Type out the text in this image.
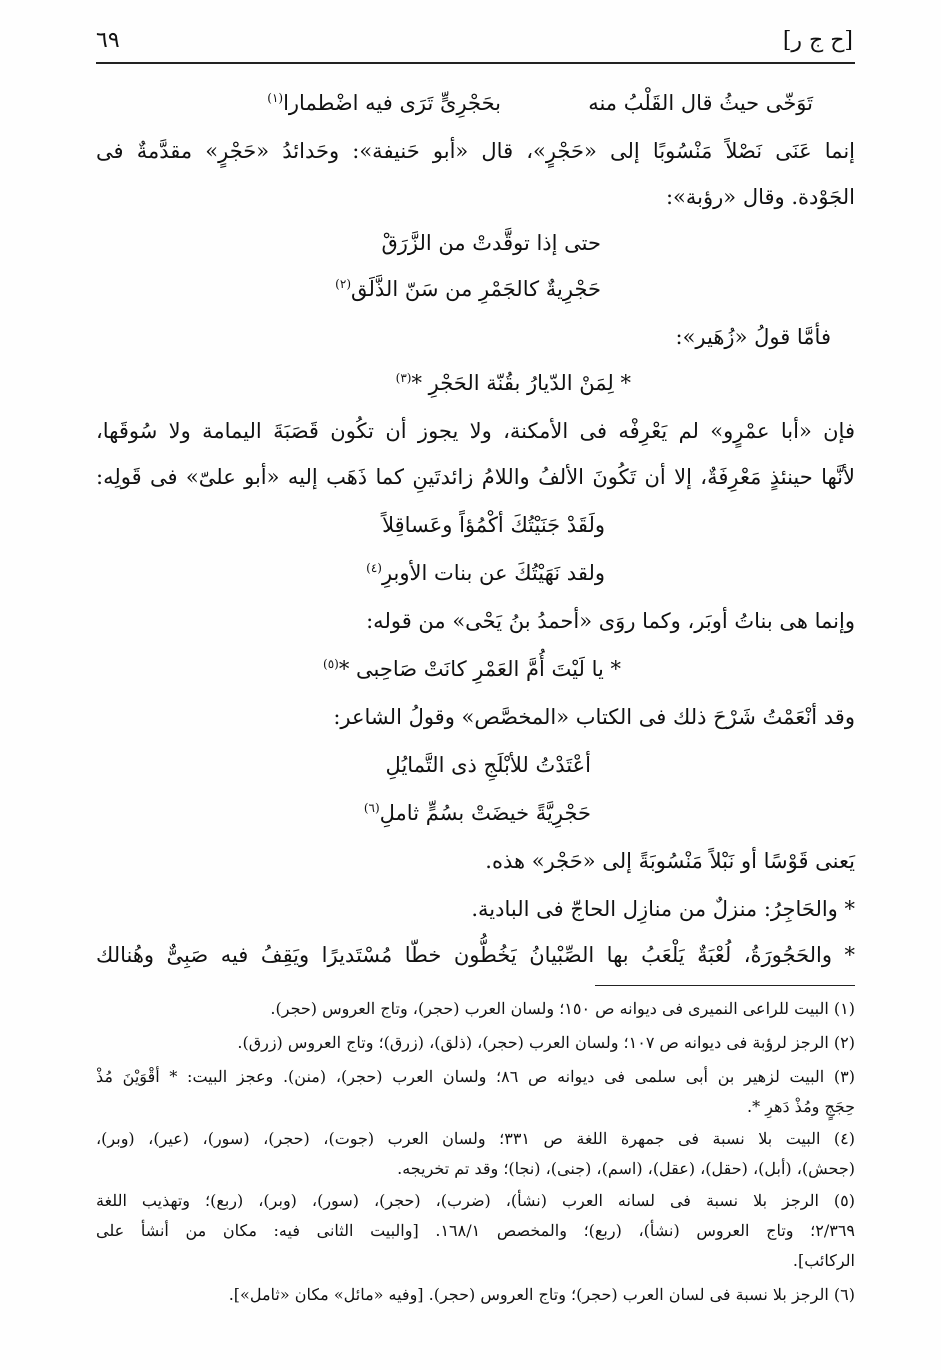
[ح ج ر]
٦٩
تَوَخّى حيثُ قال القَلْبُ منه
بحَجْرِىٍّ تَرَى فيه اضْطمارا$^{(١)}$
إنما عَنَى نَصْلاً مَنْسُوبًا إلى «حَجْرٍ»، قال «أبو حَنيفة»: وحَدائدُ «حَجْرٍ» مقدَّمةٌ فى
الجَوْدة. وقال «رؤبة»:
حتى إذا توقَّدتْ من الزَّرَقْ
حَجْرِيةٌ كالجَمْرِ من سَنّ الذَّلَق$^{(٢)}$
فأمَّا قولُ «زُهَير»:
* لِمَنْ الدّيارُ بقُنّة الحَجْرِ *$^{(٣)}$
فإن «أبا عمْرٍو» لم يَعْرِفْه فى الأمكنة، ولا يجوز أن تكُون قَصَبَةَ اليمامة ولا سُوقَها،
لأنَّها حينئذٍ مَعْرِفَةٌ، إلا أن تَكُونَ الألفُ واللامُ زائدتَينِ كما ذَهَب إليه «أبو علىّ» فى قَولِه:
ولَقَدْ جَنَيْتُكَ أكْمُؤاً وعَساقِلاً
ولقد نَهَيْتُكَ عن بنات الأوبرِ$^{(٤)}$
وإنما هى بناتُ أوبَر، وكما روَى «أحمدُ بنُ يَحْى» من قوله:
* يا لَيْتَ أُمَّ العَمْرِ كانَتْ صَاحِبى *$^{(٥)}$
وقد أنْعَمْتُ شَرْحَ ذلك فى الكتاب «المخصَّص» وقولُ الشاعر:
أعْتَدْتُ للأبْلَجِ ذى التَّمايُلِ
حَجْرِيَّةً خيضَتْ بسُمٍّ ثاملِ$^{(٦)}$
يَعنى قَوْسًا أو نَبْلاً مَنْسُوبَةً إلى «حَجْر» هذه.
* والحَاجِرُ: منزلٌ من منازِل الحاجّ فى البادية.
* والحَجُورَةُ، لُعْبَةٌ يَلْعَبُ بها الصِّبْيانُ يَخُطُّون خطّا مُسْتَديرًا ويَقِفُ فيه صَبِىٌّ وهُنالك
(١) البيت للراعى النميرى فى ديوانه ص ١٥٠؛ ولسان العرب (حجر)، وتاج العروس (حجر).
(٢) الرجز لرؤبة فى ديوانه ص ١٠٧؛ ولسان العرب (حجر)، (ذلق)، (زرق)؛ وتاج العروس (زرق).
(٣) البيت لزهير بن أبى سلمى فى ديوانه ص ٨٦؛ ولسان العرب (حجر)، (منن). وعجز البيت: * أقْوَيْنَ مُذْ
حِجَجٍ ومُذْ دَهرِ *.
(٤) البيت بلا نسبة فى جمهرة اللغة ص ٣٣١؛ ولسان العرب (جوت)، (حجر)، (سور)، (عير)، (وبر)،
(جحش)، (أبل)، (حقل)، (عقل)، (اسم)، (جنى)، (نجا)؛ وقد تم تخريجه.
(٥) الرجز بلا نسبة فى لسانه العرب (نشأ)، (ضرب)، (حجر)، (سور)، (وبر)، (ربع)؛ وتهذيب اللغة
٢/٣٦٩؛ وتاج العروس (نشأ)، (ربع)؛ والمخصص ١٦٨/١. [والبيت الثانى فيه: مكان من أنشأ على
الركائب].
(٦) الرجز بلا نسبة فى لسان العرب (حجر)؛ وتاج العروس (حجر). [وفيه «مائل» مكان «ثامل»].
